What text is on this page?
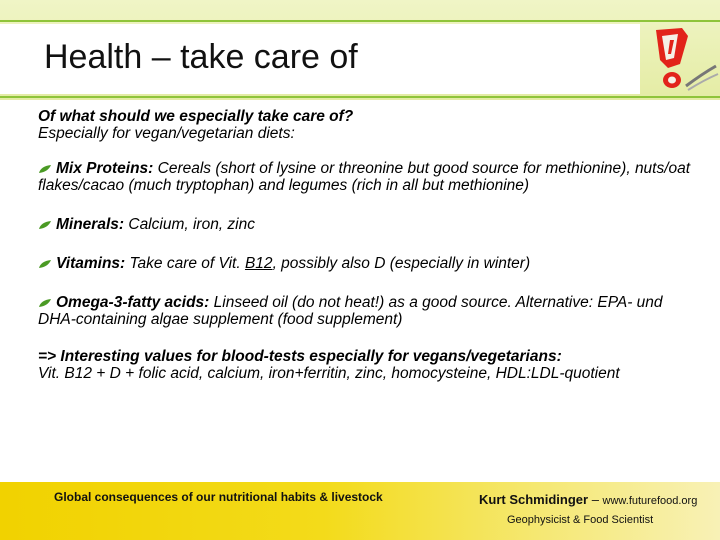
Health – take care of

Of what should we especially take care of?

Especially for vegan/vegetarian diets:

Mix Proteins: Cereals (short of lysine or threonine but good source for methionine), nuts/oat flakes/cacao (much tryptophan) and legumes (rich in all but methionine)

Minerals: Calcium, iron, zinc

Vitamins: Take care of Vit. B12, possibly also D (especially in winter)

Omega-3-fatty acids: Linseed oil (do not heat!) as a good source. Alternative: EPA- und DHA-containing algae supplement (food supplement)

=> Interesting values for blood-tests especially for vegans/vegetarians:

Vit. B12 + D + folic acid, calcium, iron+ferritin, zinc, homocysteine, HDL:LDL-quotient

Global consequences of our nutritional habits & livestock	Kurt Schmidinger – www.futurefood.org
Geophysicist & Food Scientist
